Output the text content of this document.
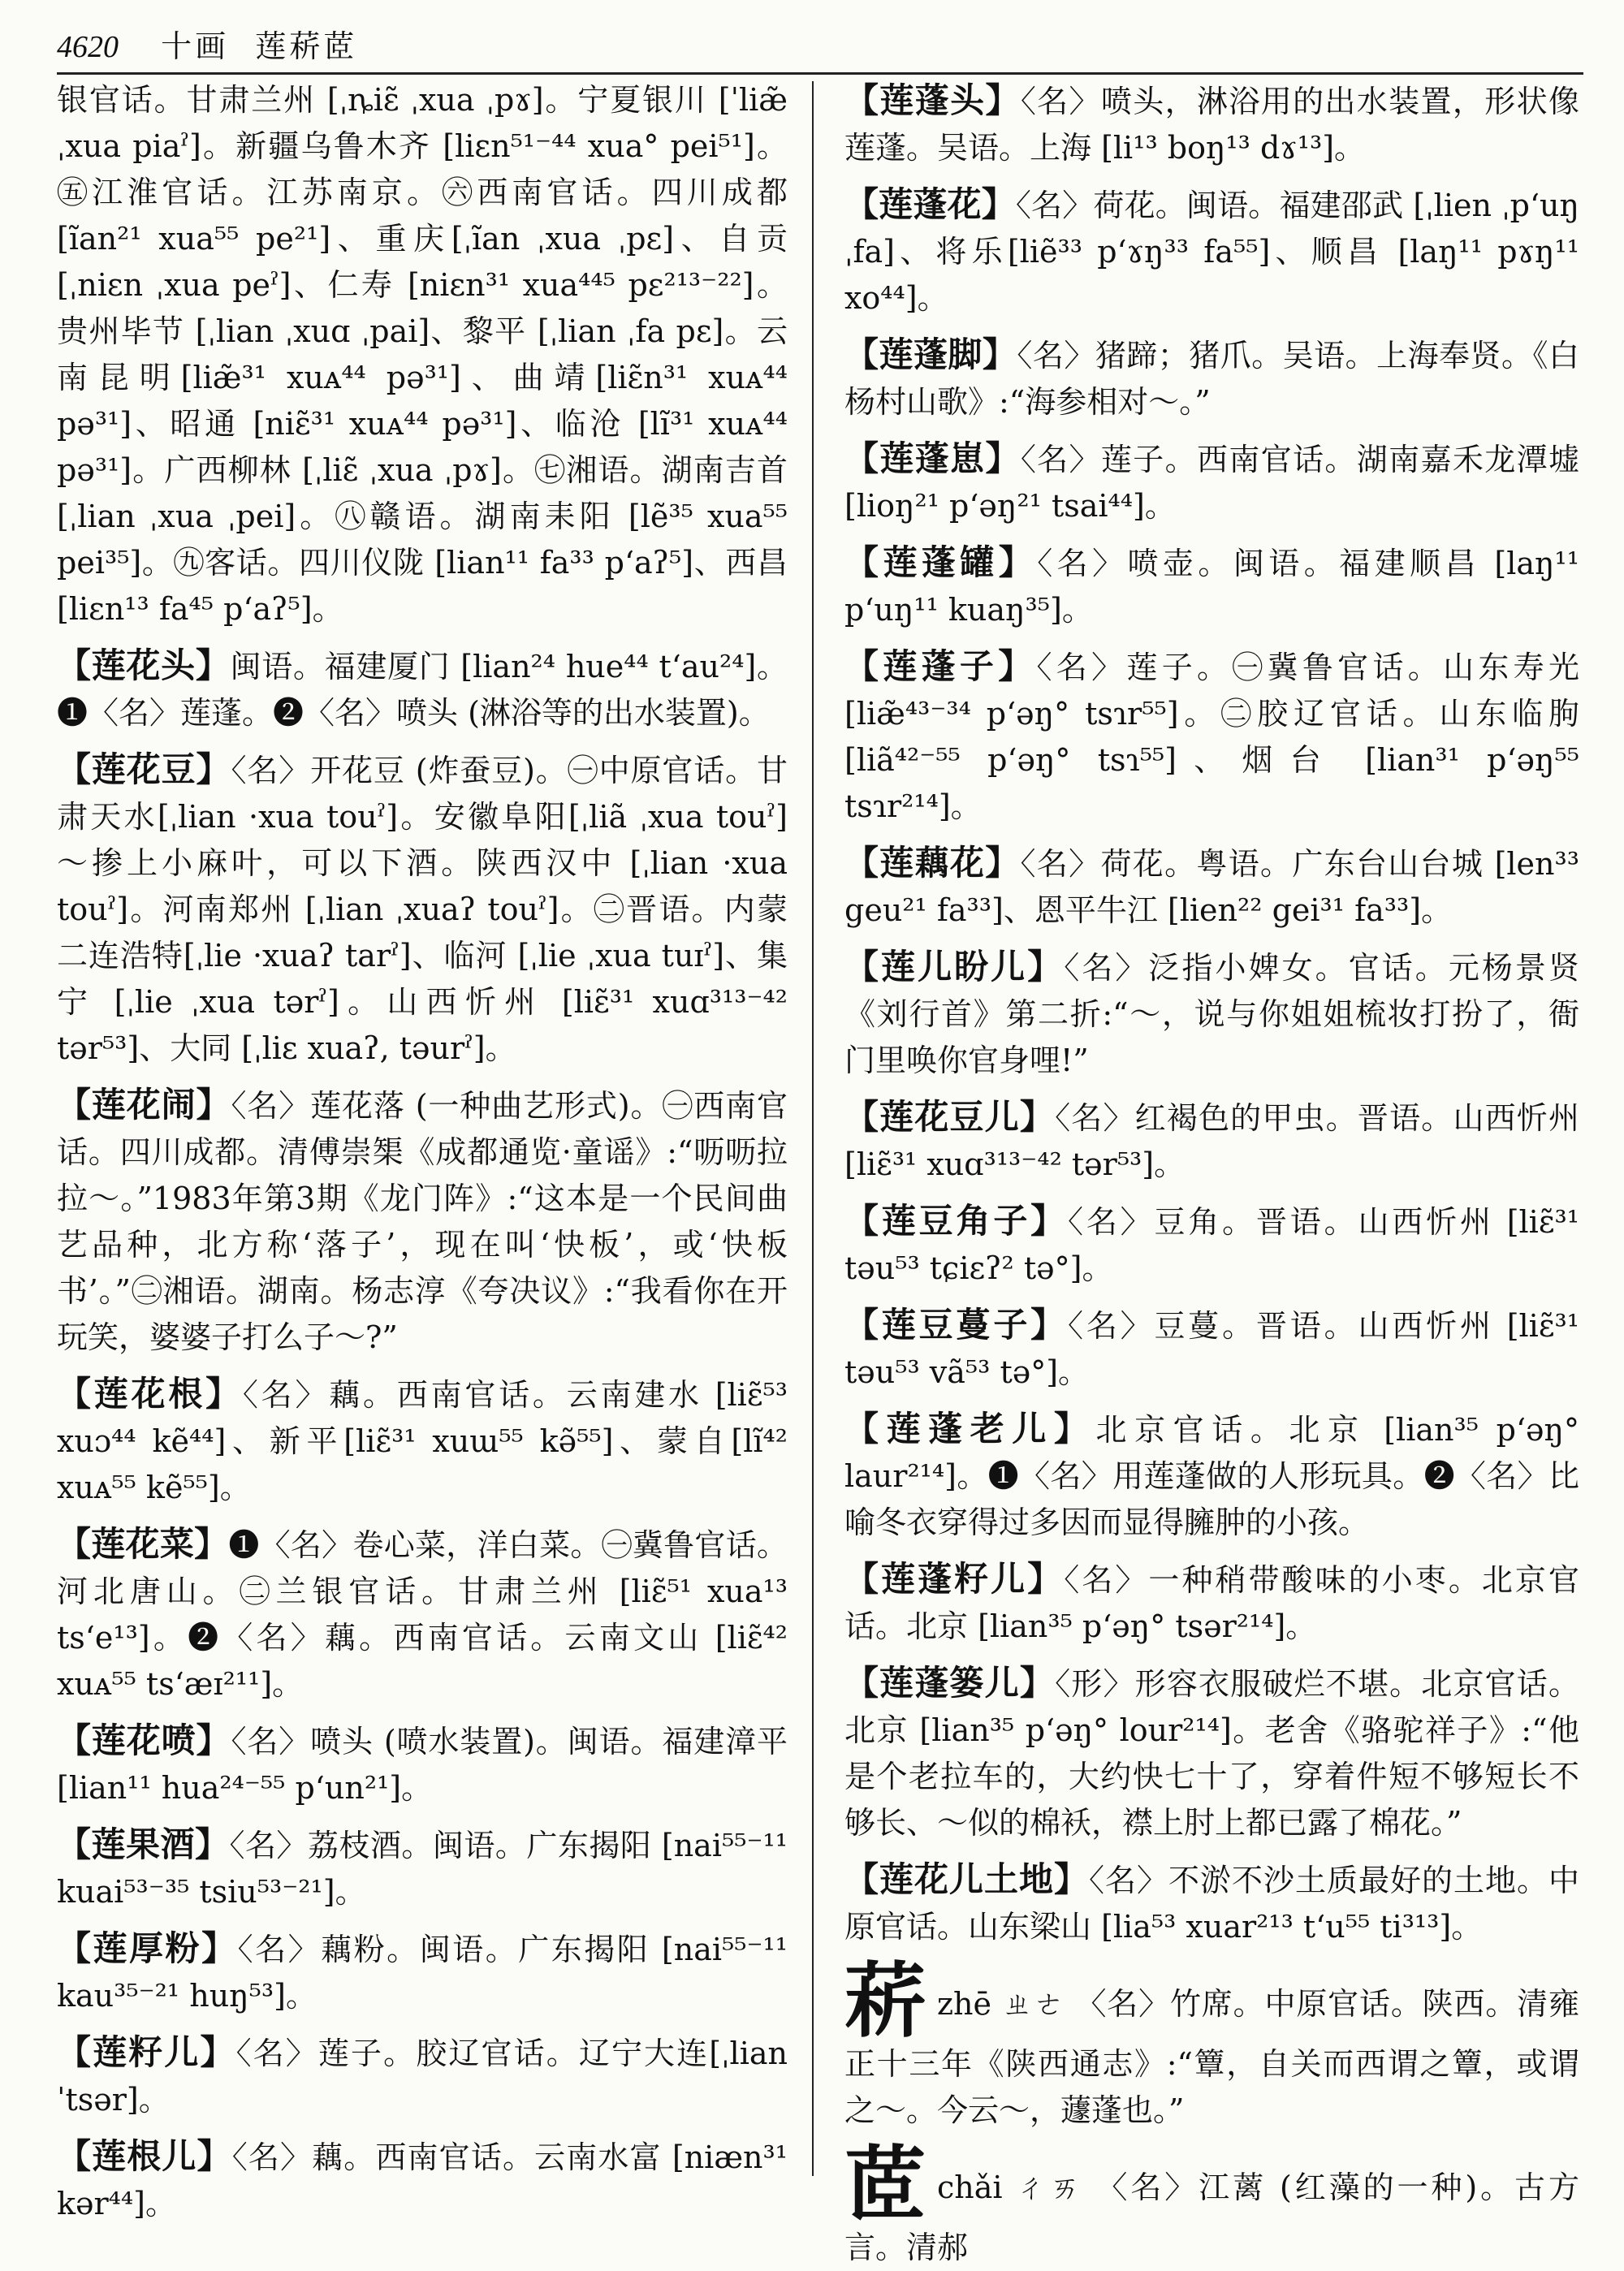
4620 十画 莲菥茝

银官话。甘肃兰州 [ˌȵiɛ̃ ˌxua ˌpɤ]。宁夏银川 [ˈliæ̃ ˌxua piaˀ]。新疆乌鲁木齐 [liɛn⁵¹⁻⁴⁴ xua° pei⁵¹]。㊄江淮官话。江苏南京。㊅西南官话。四川成都[ĩan²¹ xua⁵⁵ pe²¹]、重庆[ˌĩan ˌxua ˌpɛ]、自贡 [ˌniɛn ˌxua peˀ]、仁寿 [niɛn³¹ xua⁴⁴⁵ pɛ²¹³⁻²²]。贵州毕节 [ˌlian ˌxuɑ ˌpai]、黎平 [ˌlian ˌfa pɛ]。云南昆明[liæ̃³¹ xuᴀ⁴⁴ pə³¹]、曲靖[liɛ̃n³¹ xuᴀ⁴⁴ pə³¹]、昭通 [niɛ̃³¹ xuᴀ⁴⁴ pə³¹]、临沧 [lĩ³¹ xuᴀ⁴⁴ pə³¹]。广西柳林 [ˌliɛ̃ ˌxua ˌpɤ]。㊆湘语。湖南吉首 [ˌlian ˌxua ˌpei]。㊇赣语。湖南耒阳 [lẽ³⁵ xua⁵⁵ pei³⁵]。㊈客话。四川仪陇 [lian¹¹ fa³³ pʻaʔ⁵]、西昌 [liɛn¹³ fa⁴⁵ pʻaʔ⁵]。

【莲花头】闽语。福建厦门 [lian²⁴ hue⁴⁴ tʻau²⁴]。❶〈名〉莲蓬。❷〈名〉喷头 (淋浴等的出水装置)。

【莲花豆】〈名〉开花豆 (炸蚕豆)。㊀中原官话。甘肃天水[ˌlian ·xua touˀ]。安徽阜阳[ˌliã ˌxua touˀ] ～掺上小麻叶，可以下酒。陕西汉中 [ˌlian ·xua touˀ]。河南郑州 [ˌlian ˌxuaʔ touˀ]。㊁晋语。内蒙二连浩特[ˌlie ·xuaʔ tarˀ]、临河 [ˌlie ˌxua tuɪˀ]、集宁 [ˌlie ˌxua tərˀ]。山西忻州 [liɛ̃³¹ xuɑ³¹³⁻⁴² tər⁵³]、大同 [ˌliɛ xuaʔ, təurˀ]。

【莲花闹】〈名〉莲花落 (一种曲艺形式)。㊀西南官话。四川成都。清傅崇榘《成都通览·童谣》:“呖呖拉拉～。”1983年第3期《龙门阵》:“这本是一个民间曲艺品种，北方称‘落子’，现在叫‘快板’，或‘快板书’。”㊁湘语。湖南。杨志淳《夸决议》:“我看你在开玩笑，婆婆子打么子～?”

【莲花根】〈名〉藕。西南官话。云南建水 [liɛ̃⁵³ xuɔ⁴⁴ kẽ⁴⁴]、新平[liɛ̃³¹ xuɯ⁵⁵ kə̃⁵⁵]、蒙自[lĩ⁴² xuᴀ⁵⁵ kẽ⁵⁵]。

【莲花菜】❶〈名〉卷心菜，洋白菜。㊀冀鲁官话。河北唐山。㊁兰银官话。甘肃兰州 [liɛ̃⁵¹ xua¹³ tsʻe¹³]。❷〈名〉藕。西南官话。云南文山 [liɛ̃⁴² xuᴀ⁵⁵ tsʻæɪ²¹¹]。

【莲花喷】〈名〉喷头 (喷水装置)。闽语。福建漳平 [lian¹¹ hua²⁴⁻⁵⁵ pʻun²¹]。

【莲果酒】〈名〉荔枝酒。闽语。广东揭阳 [nai⁵⁵⁻¹¹ kuai⁵³⁻³⁵ tsiu⁵³⁻²¹]。

【莲厚粉】〈名〉藕粉。闽语。广东揭阳 [nai⁵⁵⁻¹¹ kau³⁵⁻²¹ huŋ⁵³]。

【莲籽儿】〈名〉莲子。胶辽官话。辽宁大连[ˌlian ˈtsər]。

【莲根儿】〈名〉藕。西南官话。云南水富 [niæn³¹ kər⁴⁴]。

【莲蓬头】〈名〉喷头，淋浴用的出水装置，形状像莲蓬。吴语。上海 [li¹³ boŋ¹³ dɤ¹³]。

【莲蓬花】〈名〉荷花。闽语。福建邵武 [ˌlien ˌpʻuŋ ˌfa]、将乐[liẽ³³ pʻɤŋ³³ fa⁵⁵]、顺昌 [laŋ¹¹ pɤŋ¹¹ xo⁴⁴]。

【莲蓬脚】〈名〉猪蹄；猪爪。吴语。上海奉贤。《白杨村山歌》:“海参相对～。”

【莲蓬崽】〈名〉莲子。西南官话。湖南嘉禾龙潭墟 [lioŋ²¹ pʻəŋ²¹ tsai⁴⁴]。

【莲蓬罐】〈名〉喷壶。闽语。福建顺昌 [laŋ¹¹ pʻuŋ¹¹ kuaŋ³⁵]。

【莲蓬子】〈名〉莲子。㊀冀鲁官话。山东寿光[liæ̃⁴³⁻³⁴ pʻəŋ° tsɿr⁵⁵]。㊁胶辽官话。山东临朐 [liã⁴²⁻⁵⁵ pʻəŋ° tsɿ⁵⁵]、烟台 [lian³¹ pʻəŋ⁵⁵ tsɿr²¹⁴]。

【莲藕花】〈名〉荷花。粤语。广东台山台城 [len³³ geu²¹ fa³³]、恩平牛江 [lien²² gei³¹ fa³³]。

【莲儿盼儿】〈名〉泛指小婢女。官话。元杨景贤《刘行首》第二折:“～，说与你姐姐梳妆打扮了，衙门里唤你官身哩!”

【莲花豆儿】〈名〉红褐色的甲虫。晋语。山西忻州 [liɛ̃³¹ xuɑ³¹³⁻⁴² tər⁵³]。

【莲豆角子】〈名〉豆角。晋语。山西忻州 [liɛ̃³¹ təu⁵³ tɕiɛʔ² tə°]。

【莲豆蔓子】〈名〉豆蔓。晋语。山西忻州 [liɛ̃³¹ təu⁵³ vã⁵³ tə°]。

【莲蓬老儿】北京官话。北京 [lian³⁵ pʻəŋ° laur²¹⁴]。❶〈名〉用莲蓬做的人形玩具。❷〈名〉比喻冬衣穿得过多因而显得臃肿的小孩。

【莲蓬籽儿】〈名〉一种稍带酸味的小枣。北京官话。北京 [lian³⁵ pʻəŋ° tsər²¹⁴]。

【莲蓬篓儿】〈形〉形容衣服破烂不堪。北京官话。北京 [lian³⁵ pʻəŋ° lour²¹⁴]。老舍《骆驼祥子》:“他是个老拉车的，大约快七十了，穿着件短不够短长不够长、～似的棉袄，襟上肘上都已露了棉花。”

【莲花儿土地】〈名〉不淤不沙土质最好的土地。中原官话。山东梁山 [lia⁵³ xuar²¹³ tʻu⁵⁵ ti³¹³]。

菥zhē ㄓㄜ 〈名〉竹席。中原官话。陕西。清雍正十三年《陕西通志》:“簟，自关而西谓之簟，或谓之～。今云～，蘧蓬也。”

茝chǎi ㄔㄞ 〈名〉江蓠 (红藻的一种)。古方言。清郝
